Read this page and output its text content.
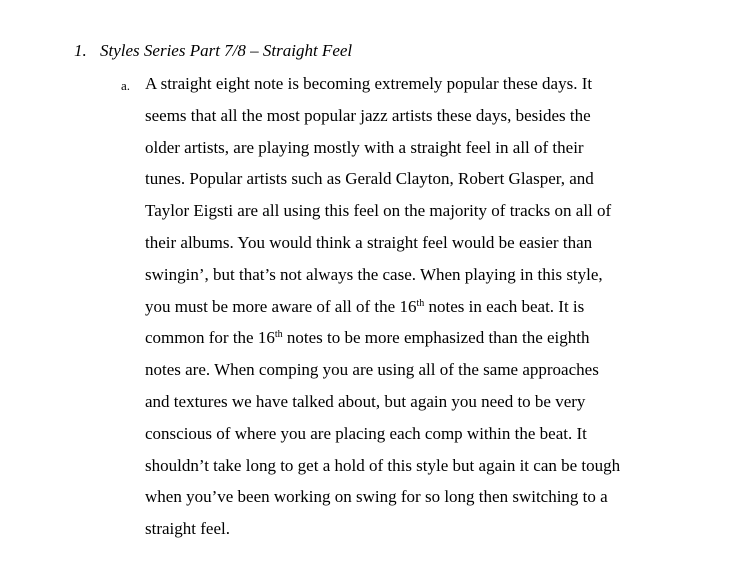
1. Styles Series Part 7/8 – Straight Feel
a. A straight eight note is becoming extremely popular these days. It
seems that all the most popular jazz artists these days, besides the
older artists, are playing mostly with a straight feel in all of their
tunes. Popular artists such as Gerald Clayton, Robert Glasper, and
Taylor Eigsti are all using this feel on the majority of tracks on all of
their albums. You would think a straight feel would be easier than
swingin’, but that’s not always the case. When playing in this style,
you must be more aware of all of the 16th notes in each beat. It is
common for the 16th notes to be more emphasized than the eighth
notes are. When comping you are using all of the same approaches
and textures we have talked about, but again you need to be very
conscious of where you are placing each comp within the beat. It
shouldn’t take long to get a hold of this style but again it can be tough
when you’ve been working on swing for so long then switching to a
straight feel.
